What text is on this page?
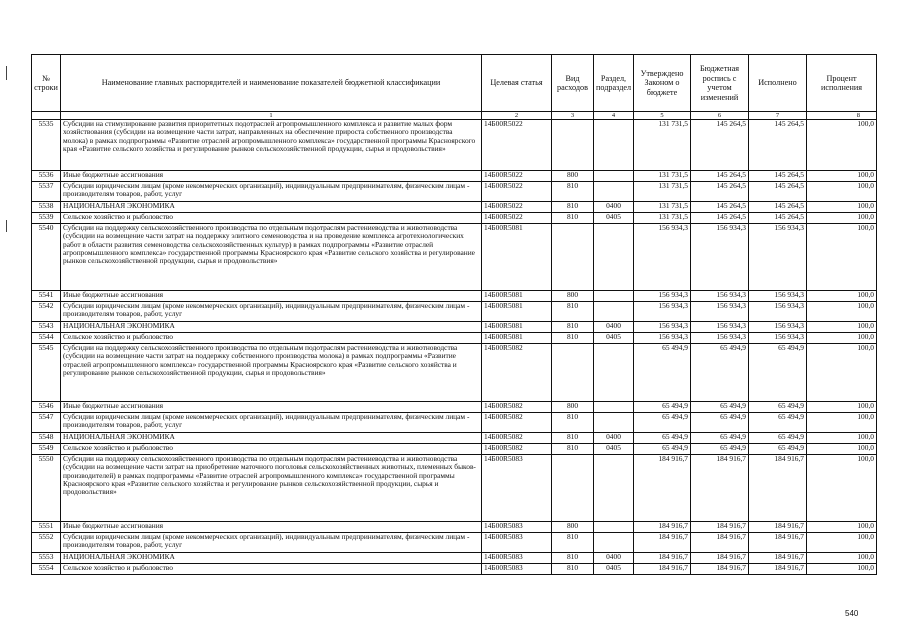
№ строки	Наименование главных распорядителей и наименование показателей бюджетной классификации	Целевая статья	Вид расходов	Раздел, подраздел	Утверждено Законом о бюджете	Бюджетная роспись с учетом изменений	Исполнено	Процент исполнения
	1	2	3	4	5	6	7	8
5535	Субсидии на стимулирование развития приоритетных подотраслей агропромышленного комплекса и развитие малых форм хозяйствования (субсидии на возмещение части затрат, направленных на обеспечение прироста собственного производства молока) в рамках подпрограммы «Развитие отраслей агропромышленного комплекса» государственной программы Красноярского края «Развитие сельского хозяйства и регулирование рынков сельскохозяйственной продукции, сырья и продовольствия»	14Б00R5022			131 731,5	145 264,5	145 264,5	100,0
5536	Иные бюджетные ассигнования	14Б00R5022	800		131 731,5	145 264,5	145 264,5	100,0
5537	Субсидии юридическим лицам (кроме некоммерческих организаций), индивидуальным предпринимателям, физическим лицам - производителям товаров, работ, услуг	14Б00R5022	810		131 731,5	145 264,5	145 264,5	100,0
5538	НАЦИОНАЛЬНАЯ ЭКОНОМИКА	14Б00R5022	810	0400	131 731,5	145 264,5	145 264,5	100,0
5539	Сельское хозяйство и рыболовство	14Б00R5022	810	0405	131 731,5	145 264,5	145 264,5	100,0
5540	Субсидии на поддержку сельскохозяйственного производства по отдельным подотраслям растениеводства и животноводства (субсидии на возмещение части затрат на поддержку элитного семеноводства и на проведение комплекса агротехнологических работ в области развития семеноводства сельскохозяйственных культур) в рамках подпрограммы «Развитие отраслей агропромышленного комплекса» государственной программы Красноярского края «Развитие сельского хозяйства и регулирование рынков сельскохозяйственной продукции, сырья и продовольствия»	14Б00R5081			156 934,3	156 934,3	156 934,3	100,0
5541	Иные бюджетные ассигнования	14Б00R5081	800		156 934,3	156 934,3	156 934,3	100,0
5542	Субсидии юридическим лицам (кроме некоммерческих организаций), индивидуальным предпринимателям, физическим лицам - производителям товаров, работ, услуг	14Б00R5081	810		156 934,3	156 934,3	156 934,3	100,0
5543	НАЦИОНАЛЬНАЯ ЭКОНОМИКА	14Б00R5081	810	0400	156 934,3	156 934,3	156 934,3	100,0
5544	Сельское хозяйство и рыболовство	14Б00R5081	810	0405	156 934,3	156 934,3	156 934,3	100,0
5545	Субсидии на поддержку сельскохозяйственного производства по отдельным подотраслям растениеводства и животноводства (субсидии на возмещение части затрат на поддержку собственного производства молока) в рамках подпрограммы «Развитие отраслей агропромышленного комплекса» государственной программы Красноярского края «Развитие сельского хозяйства и регулирование рынков сельскохозяйственной продукции, сырья и продовольствия»	14Б00R5082			65 494,9	65 494,9	65 494,9	100,0
5546	Иные бюджетные ассигнования	14Б00R5082	800		65 494,9	65 494,9	65 494,9	100,0
5547	Субсидии юридическим лицам (кроме некоммерческих организаций), индивидуальным предпринимателям, физическим лицам - производителям товаров, работ, услуг	14Б00R5082	810		65 494,9	65 494,9	65 494,9	100,0
5548	НАЦИОНАЛЬНАЯ ЭКОНОМИКА	14Б00R5082	810	0400	65 494,9	65 494,9	65 494,9	100,0
5549	Сельское хозяйство и рыболовство	14Б00R5082	810	0405	65 494,9	65 494,9	65 494,9	100,0
5550	Субсидии на поддержку сельскохозяйственного производства по отдельным подотраслям растениеводства и животноводства (субсидии на возмещение части затрат на приобретение маточного поголовья сельскохозяйственных животных, племенных быков-производителей) в рамках подпрограммы «Развитие отраслей агропромышленного комплекса» государственной программы Красноярского края «Развитие сельского хозяйства и регулирование рынков сельскохозяйственной продукции, сырья и продовольствия»	14Б00R5083			184 916,7	184 916,7	184 916,7	100,0
5551	Иные бюджетные ассигнования	14Б00R5083	800		184 916,7	184 916,7	184 916,7	100,0
5552	Субсидии юридическим лицам (кроме некоммерческих организаций), индивидуальным предпринимателям, физическим лицам - производителям товаров, работ, услуг	14Б00R5083	810		184 916,7	184 916,7	184 916,7	100,0
5553	НАЦИОНАЛЬНАЯ ЭКОНОМИКА	14Б00R5083	810	0400	184 916,7	184 916,7	184 916,7	100,0
5554	Сельское хозяйство и рыболовство	14Б00R5083	810	0405	184 916,7	184 916,7	184 916,7	100,0
540
